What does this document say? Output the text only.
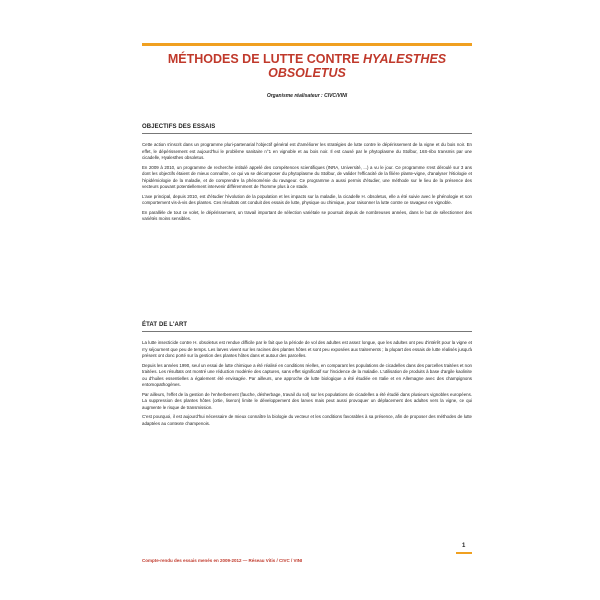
MÉTHODES DE LUTTE CONTRE HYALESTHES
OBSOLETUS
Organisme réalisateur : CIVC/VINI
OBJECTIFS DES ESSAIS

Cette action s'inscrit dans un programme pluri-partenarial l'objectif général est d'améliorer les stratégies de lutte contre le dépérissement de la vigne et du bois noir. En effet, le dépérissement est aujourd'hui le problème sanitaire n°1 en vignoble et au bois noir. Il est causé par le phytoplasme du Stolbur, 16S-ribo transmis par une cicadelle, Hyalesthes obsoletus.

En 2009 à 2010, un programme de recherche intitulé appelé des compétences scientifiques (INRA, Université, ...) a vu le jour. Ce programme s'est déroulé sur 3 ans dont les objectifs étaient de mieux connaître, ce qui va se décomposer du phytoplasme du Stolbur, de valider l'efficacité de la filière plante-vigne, d'analyser l'étiologie et l'épidémiologie de la maladie, et de comprendre la phénoménie du ravageur. Ce programme a aussi permis d'étudier, une méthode sur le lieu de la présence des vecteurs pouvant potentiellement intervenir différemment de l'homme plus à ce stade.

L'axe principal, depuis 2010, est d'étudier l'évolution de la population et les impacts sur la maladie, la cicadelle H. obsoletus, elle a été suivie avec le phénologie et son comportement vis-à-vis des plantes. Ces résultats ont conduit des essais de lutte, physique ou chimique, pour raisonner la lutte contre ce ravageur en vignoble.

En parallèle de tout ce volet, le dépérissement, un travail important de sélection variétale se poursuit depuis de nombreuses années, dans le but de sélectionner des variétés moins sensibles.

ÉTAT DE L'ART

La lutte insecticide contre H. obsoletus est rendue difficile par le fait que la période de vol des adultes est assez longue, que les adultes ont peu d'intérêt pour la vigne et n'y séjournent que peu de temps. Les larves vivent sur les racines des plantes hôtes et sont peu exposées aux traitements ; la plupart des essais de lutte réalisés jusqu'à présent ont donc porté sur la gestion des plantes hôtes dans et autour des parcelles.

Depuis les années 1990, seul un essai de lutte chimique a été réalisé en conditions réelles, en comparant les populations de cicadelles dans des parcelles traitées et non traitées. Les résultats ont montré une réduction modérée des captures, sans effet significatif sur l'incidence de la maladie. L'utilisation de produits à base d'argile kaolinite ou d'huiles essentielles a également été envisagée. Par ailleurs, une approche de lutte biologique a été étudiée en Italie et en Allemagne avec des champignons entomopathogènes.

Par ailleurs, l'effet de la gestion de l'enherbement (fauche, désherbage, travail du sol) sur les populations de cicadelles a été étudié dans plusieurs vignobles européens. La suppression des plantes hôtes (ortie, liseron) limite le développement des larves mais peut aussi provoquer un déplacement des adultes vers la vigne, ce qui augmente le risque de transmission.

C'est pourquoi, il est aujourd'hui nécessaire de mieux connaître la biologie du vecteur et les conditions favorables à sa présence, afin de proposer des méthodes de lutte adaptées au contexte champenois.

1
Compte-rendu des essais menés en 2009-2012 — Réseau Vitis / CIVC / VINI
